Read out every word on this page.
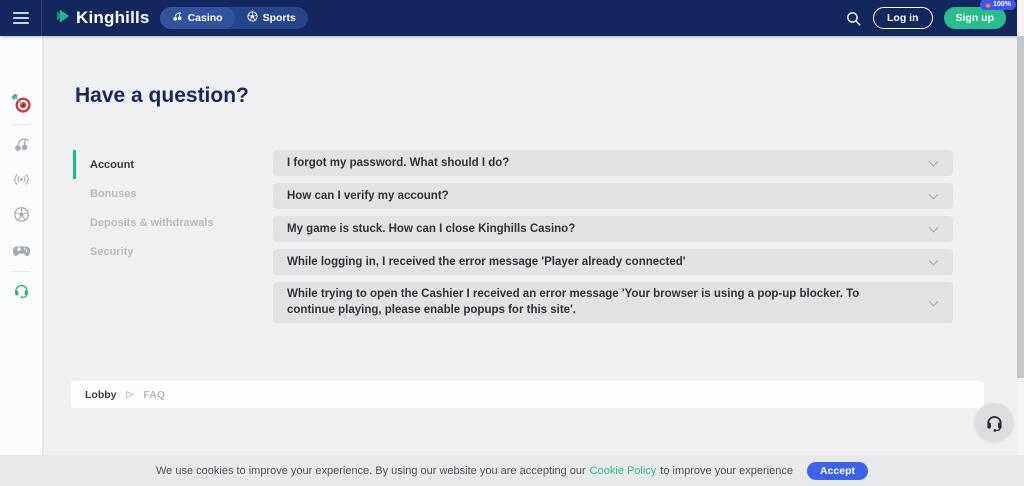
Kinghills	Casino	Sports	Log in	Sign up
100%
Have a question?
Account
Bonuses
Deposits & withdrawals
Security
I forgot my password. What should I do?
How can I verify my account?
My game is stuck. How can I close Kinghills Casino?
While logging in, I received the error message 'Player already connected'
While trying to open the Cashier I received an error message 'Your browser is using a pop-up blocker. To continue playing, please enable popups for this site'.
Lobby ▷ FAQ
We use cookies to improve your experience. By using our website you are accepting our Cookie Policy to improve your experience	Accept
